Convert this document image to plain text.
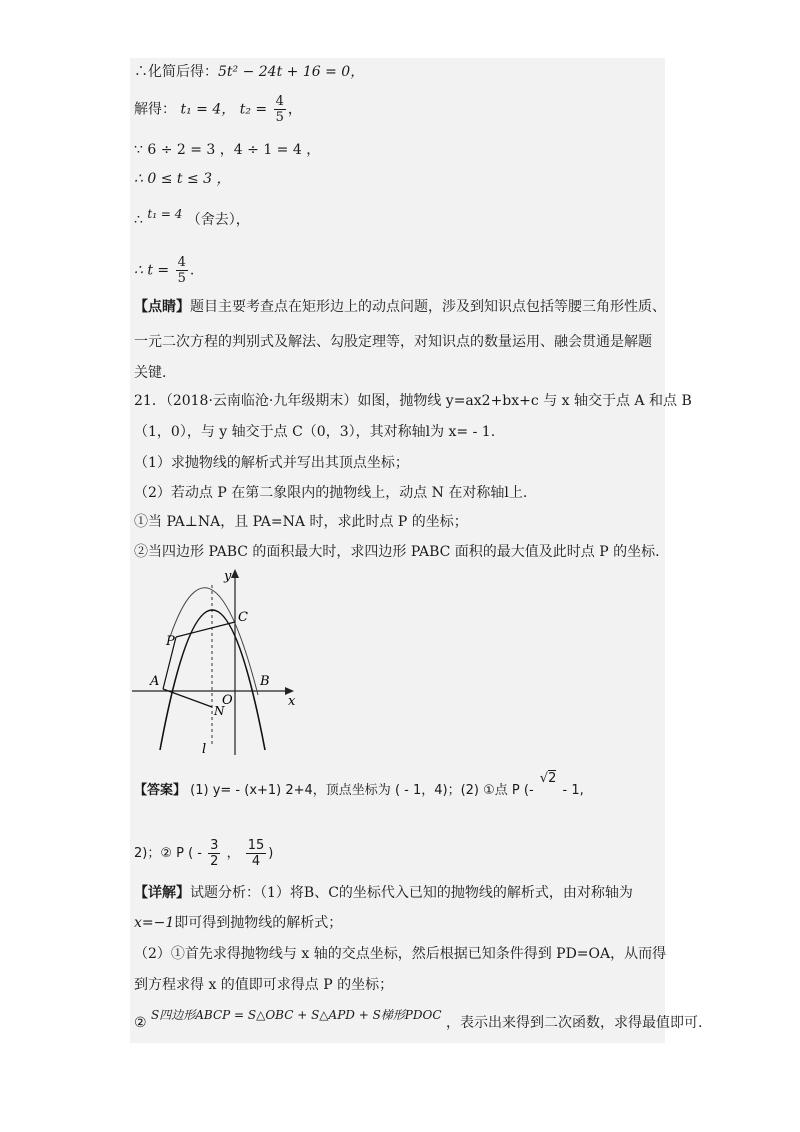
∴化简后得：5t² − 24t + 16 = 0，
解得： t₁ = 4， $t_2 = \frac{4}{5}$ ，
∵ 6 ÷ 2 = 3 ，4 ÷ 1 = 4 ，
∴ 0 ≤ t ≤ 3 ，
∴ t₁ = 4 （舍去），
∴ $t = \frac{4}{5}$ .
【点睛】题目主要考查点在矩形边上的动点问题，涉及到知识点包括等腰三角形性质、
一元二次方程的判别式及解法、勾股定理等，对知识点的数量运用、融会贯通是解题
关键.
21．（2018·云南临沧·九年级期末）如图，抛物线 y=ax2+bx+c 与 x 轴交于点 A 和点 B
（1，0），与 y 轴交于点 C（0，3），其对称轴l为 x= - 1.
（1）求抛物线的解析式并写出其顶点坐标；
（2）若动点 P 在第二象限内的抛物线上，动点 N 在对称轴l上.
①当 PA⊥NA，且 PA=NA 时，求此时点 P 的坐标；
②当四边形 PABC 的面积最大时，求四边形 PABC 面积的最大值及此时点 P 的坐标.
y
x
C
P
A
O
B
N
l
【答案】 (1) y= - (x+1) 2+4，顶点坐标为 ( - 1，4)；(2) ①点 P (- √2 - 1,
2)；② P ( - $\frac{3}{2}$ ， $\frac{15}{4}$ )
【详解】试题分析：（1）将B、C的坐标代入已知的抛物线的解析式，由对称轴为
x=−1即可得到抛物线的解析式；
（2）①首先求得抛物线与 x 轴的交点坐标，然后根据已知条件得到 PD=OA，从而得
到方程求得 x 的值即可求得点 P 的坐标；
② S四边形ABCP = S△OBC + S△APD + S梯形PDOC ，表示出来得到二次函数，求得最值即可.
